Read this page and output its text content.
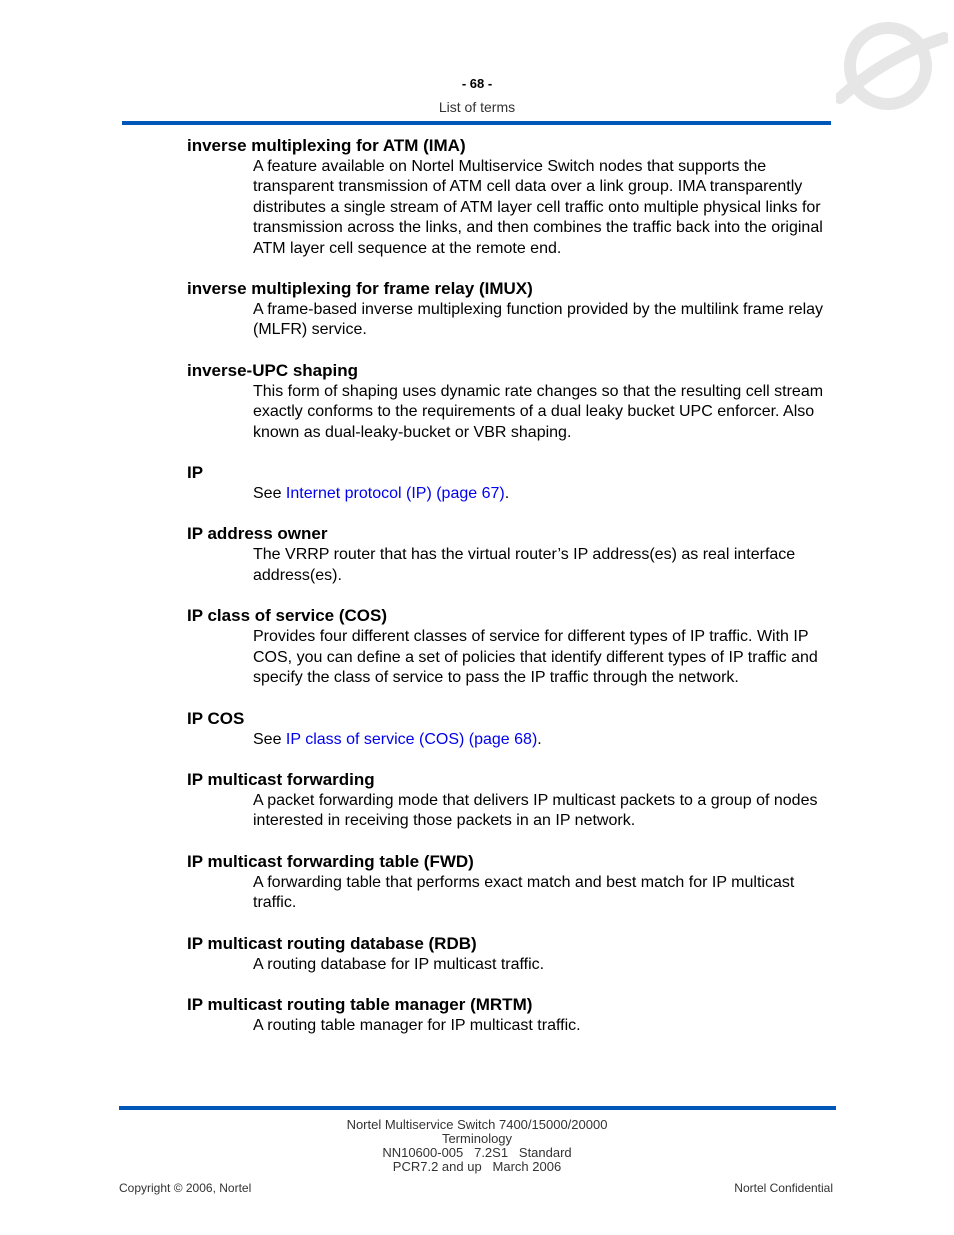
- 68 -
List of terms
inverse multiplexing for ATM (IMA)
A feature available on Nortel Multiservice Switch nodes that supports the transparent transmission of ATM cell data over a link group. IMA transparently distributes a single stream of ATM layer cell traffic onto multiple physical links for transmission across the links, and then combines the traffic back into the original ATM layer cell sequence at the remote end.
inverse multiplexing for frame relay (IMUX)
A frame-based inverse multiplexing function provided by the multilink frame relay (MLFR) service.
inverse-UPC shaping
This form of shaping uses dynamic rate changes so that the resulting cell stream exactly conforms to the requirements of a dual leaky bucket UPC enforcer. Also known as dual-leaky-bucket or VBR shaping.
IP
See Internet protocol (IP) (page 67).
IP address owner
The VRRP router that has the virtual router’s IP address(es) as real interface address(es).
IP class of service (COS)
Provides four different classes of service for different types of IP traffic. With IP COS, you can define a set of policies that identify different types of IP traffic and specify the class of service to pass the IP traffic through the network.
IP COS
See IP class of service (COS) (page 68).
IP multicast forwarding
A packet forwarding mode that delivers IP multicast packets to a group of nodes interested in receiving those packets in an IP network.
IP multicast forwarding table (FWD)
A forwarding table that performs exact match and best match for IP multicast traffic.
IP multicast routing database (RDB)
A routing database for IP multicast traffic.
IP multicast routing table manager (MRTM)
A routing table manager for IP multicast traffic.
Nortel Multiservice Switch 7400/15000/20000
Terminology
NN10600-005   7.2S1   Standard
PCR7.2 and up   March 2006
Copyright © 2006, Nortel	Nortel Confidential
